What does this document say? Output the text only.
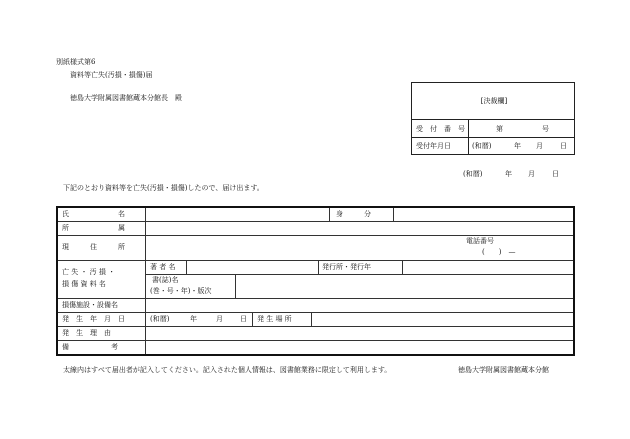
別紙様式第6
資料等亡失(汚損・損傷)届
徳島大学附属図書館蔵本分館長　殿	[決裁欄]
受　付　番　号	第	号
受付年月日	(和暦)	年 月 日
(和暦)	年 月 日
下記のとおり資料等を亡失(汚損・損傷)したので、届け出ます。
氏　　　　　　　名	身　　　分
所　　　　　　　属
現　　　住　　　所
電話番号
(　　)　—
亡 失 ・ 汚 損 ・
損 傷 資 料 名
著 者 名	発行所・発行年
書(誌)名
(巻・号・年)・版次
損傷施設・設備名
発　生　年　月　日	(和暦)	年	月 日 発 生 場 所
発　生　理　由
備　　　　　　考
太線内はすべて届出者が記入してください。記入された個人情報は、図書館業務に限定して利用します。	徳島大学附属図書館蔵本分館
